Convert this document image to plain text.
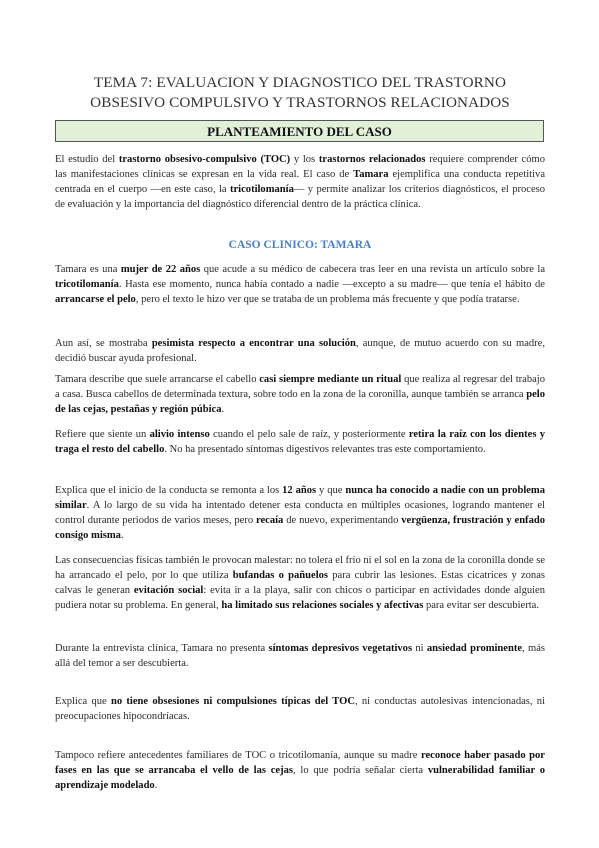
TEMA 7: EVALUACION Y DIAGNOSTICO DEL TRASTORNO
OBSESIVO COMPULSIVO Y TRASTORNOS RELACIONADOS
PLANTEAMIENTO DEL CASO

El estudio del trastorno obsesivo-compulsivo (TOC) y los trastornos relacionados requiere comprender cómo las manifestaciones clínicas se expresan en la vida real. El caso de Tamara ejemplifica una conducta repetitiva centrada en el cuerpo —en este caso, la tricotilomanía— y permite analizar los criterios diagnósticos, el proceso de evaluación y la importancia del diagnóstico diferencial dentro de la práctica clínica.

CASO CLINICO: TAMARA

Tamara es una mujer de 22 años que acude a su médico de cabecera tras leer en una revista un artículo sobre la tricotilomanía. Hasta ese momento, nunca había contado a nadie —excepto a su madre— que tenía el hábito de arrancarse el pelo, pero el texto le hizo ver que se trataba de un problema más frecuente y que podía tratarse.

Aun así, se mostraba pesimista respecto a encontrar una solución, aunque, de mutuo acuerdo con su madre, decidió buscar ayuda profesional.

Tamara describe que suele arrancarse el cabello casi siempre mediante un ritual que realiza al regresar del trabajo a casa. Busca cabellos de determinada textura, sobre todo en la zona de la coronilla, aunque también se arranca pelo de las cejas, pestañas y región púbica.

Refiere que siente un alivio intenso cuando el pelo sale de raíz, y posteriormente retira la raíz con los dientes y traga el resto del cabello. No ha presentado síntomas digestivos relevantes tras este comportamiento.

Explica que el inicio de la conducta se remonta a los 12 años y que nunca ha conocido a nadie con un problema similar. A lo largo de su vida ha intentado detener esta conducta en múltiples ocasiones, logrando mantener el control durante periodos de varios meses, pero recaía de nuevo, experimentando vergüenza, frustración y enfado consigo misma.

Las consecuencias físicas también le provocan malestar: no tolera el frío ni el sol en la zona de la coronilla donde se ha arrancado el pelo, por lo que utiliza bufandas o pañuelos para cubrir las lesiones. Estas cicatrices y zonas calvas le generan evitación social: evita ir a la playa, salir con chicos o participar en actividades donde alguien pudiera notar su problema. En general, ha limitado sus relaciones sociales y afectivas para evitar ser descubierta.

Durante la entrevista clínica, Tamara no presenta síntomas depresivos vegetativos ni ansiedad prominente, más allá del temor a ser descubierta.

Explica que no tiene obsesiones ni compulsiones típicas del TOC, ni conductas autolesivas intencionadas, ni preocupaciones hipocondríacas.

Tampoco refiere antecedentes familiares de TOC o tricotilomanía, aunque su madre reconoce haber pasado por fases en las que se arrancaba el vello de las cejas, lo que podría señalar cierta vulnerabilidad familiar o aprendizaje modelado.
